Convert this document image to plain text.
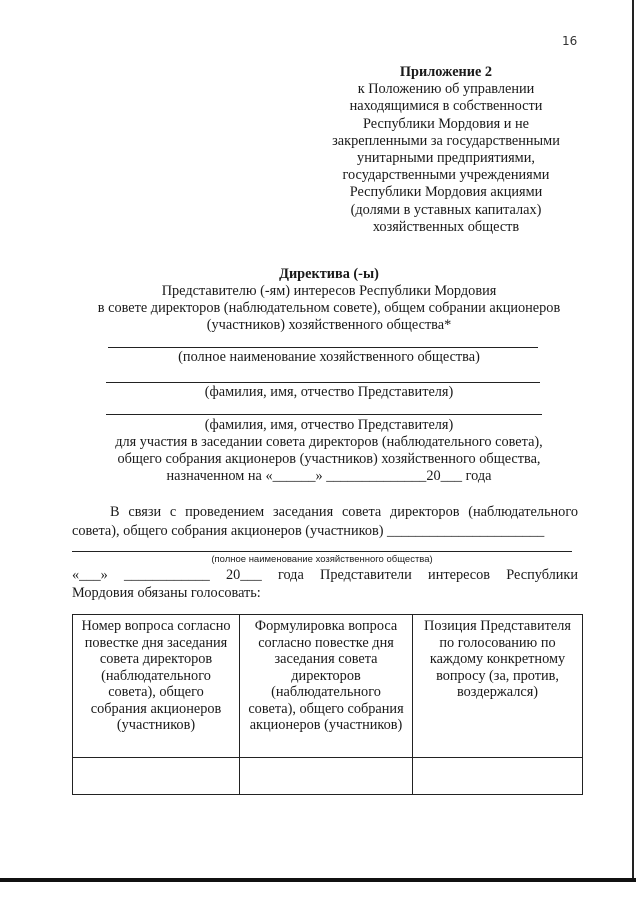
16
Приложение 2
к Положению об управлении
находящимися в собственности
Республики Мордовия и не
закрепленными за государственными
унитарными предприятиями,
государственными учреждениями
Республики Мордовия акциями
(долями в уставных капиталах)
хозяйственных обществ
Директива (-ы)
Представителю (-ям) интересов Республики Мордовия
в совете директоров (наблюдательном совете), общем собрании акционеров
(участников) хозяйственного общества*
(полное наименование хозяйственного общества)
(фамилия, имя, отчество Представителя)
(фамилия, имя, отчество Представителя)
для участия в заседании совета директоров (наблюдательного совета),
общего собрания акционеров (участников) хозяйственного общества,
назначенном на «______» ______________20___ года
В связи с проведением заседания совета директоров (наблюдательного совета), общего собрания акционеров (участников) ______________________
(полное наименование хозяйственного общества)
«___» ____________ 20___ года Представители интересов Республики
Мордовия обязаны голосовать:
Номер вопроса согласно повестке дня заседания совета директоров (наблюдательного совета), общего собрания акционеров (участников)	Формулировка вопроса согласно повестке дня заседания совета директоров (наблюдательного совета), общего собрания акционеров (участников)	Позиция Представителя по голосованию по каждому конкретному вопросу (за, против, воздержался)
